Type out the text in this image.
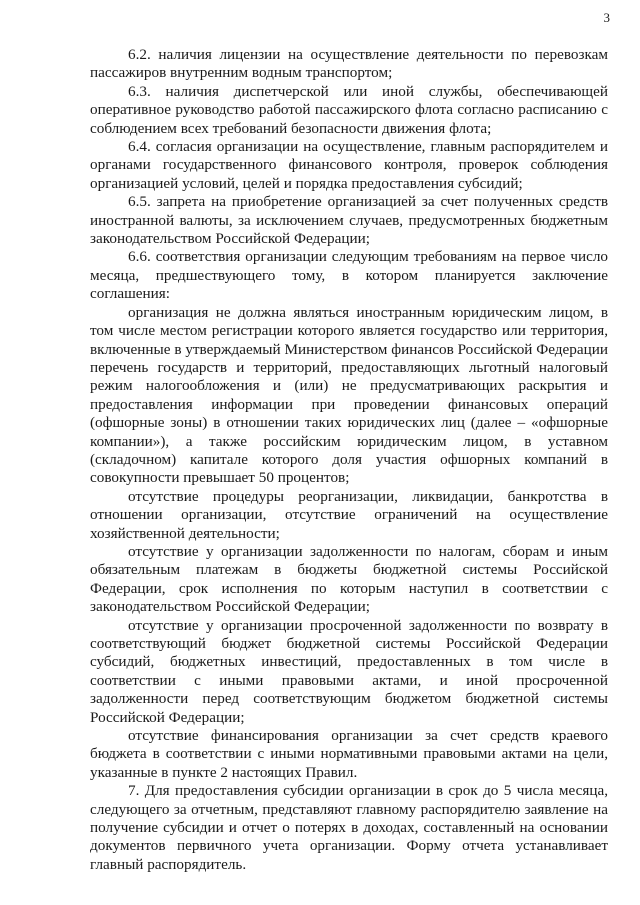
3

6.2. наличия лицензии на осуществление деятельности по перевозкам пассажиров внутренним водным транспортом;

6.3. наличия диспетчерской или иной службы, обеспечивающей оперативное руководство работой пассажирского флота согласно расписанию с соблюдением всех требований безопасности движения флота;

6.4. согласия организации на осуществление, главным распорядителем и органами государственного финансового контроля, проверок соблюдения организацией условий, целей и порядка предоставления субсидий;

6.5. запрета на приобретение организацией за счет полученных средств иностранной валюты, за исключением случаев, предусмотренных бюджетным законодательством Российской Федерации;

6.6. соответствия организации следующим требованиям на первое число месяца, предшествующего тому, в котором планируется заключение соглашения:

организация не должна являться иностранным юридическим лицом, в том числе местом регистрации которого является государство или территория, включенные в утверждаемый Министерством финансов Российской Федерации перечень государств и территорий, предоставляющих льготный налоговый режим налогообложения и (или) не предусматривающих раскрытия и предоставления информации при проведении финансовых операций (офшорные зоны) в отношении таких юридических лиц (далее – «офшорные компании»), а также российским юридическим лицом, в уставном (складочном) капитале которого доля участия офшорных компаний в совокупности превышает 50 процентов;

отсутствие процедуры реорганизации, ликвидации, банкротства в отношении организации, отсутствие ограничений на осуществление хозяйственной деятельности;

отсутствие у организации задолженности по налогам, сборам и иным обязательным платежам в бюджеты бюджетной системы Российской Федерации, срок исполнения по которым наступил в соответствии с законодательством Российской Федерации;

отсутствие у организации просроченной задолженности по возврату в соответствующий бюджет бюджетной системы Российской Федерации субсидий, бюджетных инвестиций, предоставленных в том числе в соответствии с иными правовыми актами, и иной просроченной задолженности перед соответствующим бюджетом бюджетной системы Российской Федерации;

отсутствие финансирования организации за счет средств краевого бюджета в соответствии с иными нормативными правовыми актами на цели, указанные в пункте 2 настоящих Правил.

7. Для предоставления субсидии организации в срок до 5 числа месяца, следующего за отчетным, представляют главному распорядителю заявление на получение субсидии и отчет о потерях в доходах, составленный на основании документов первичного учета организации. Форму отчета устанавливает главный распорядитель.
